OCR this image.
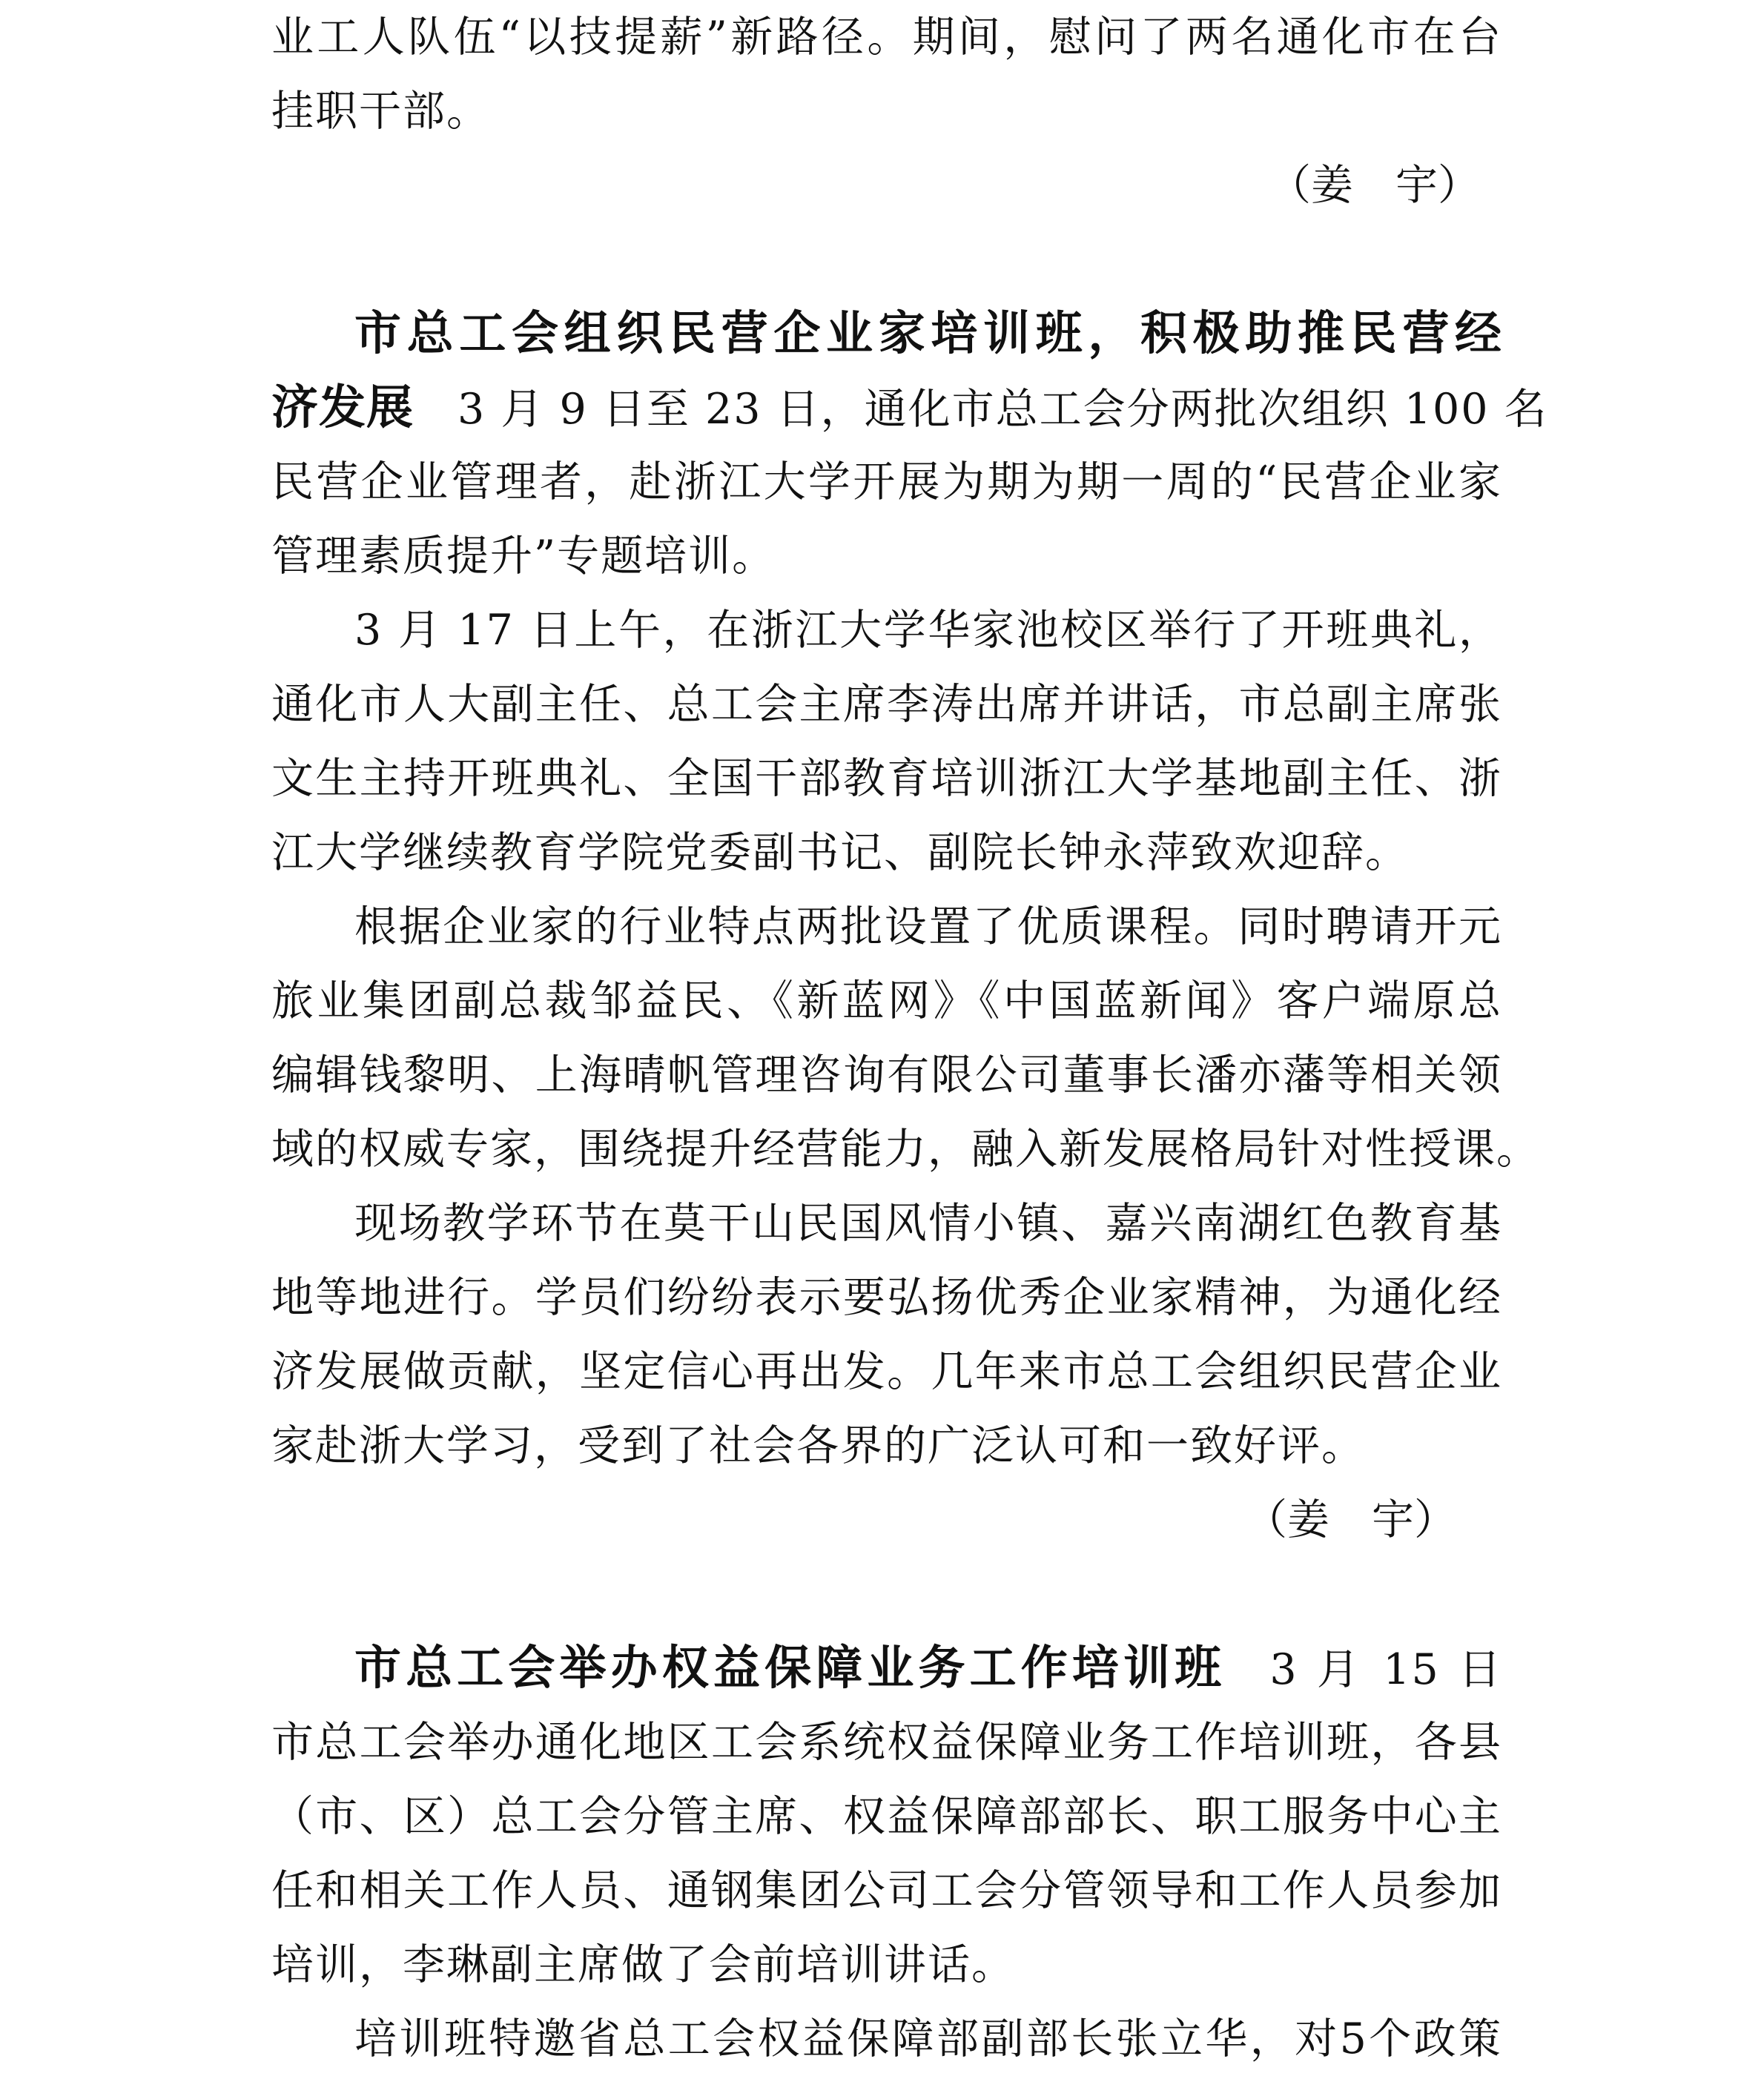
业工人队伍“以技提薪”新路径。期间，慰问了两名通化市在台
挂职干部。
（姜　宇）
市总工会组织民营企业家培训班，积极助推民营经
济发展  3 月 9 日至 23 日，通化市总工会分两批次组织 100 名
民营企业管理者，赴浙江大学开展为期为期一周的“民营企业家
管理素质提升”专题培训。
3 月 17 日上午，在浙江大学华家池校区举行了开班典礼，
通化市人大副主任、总工会主席李涛出席并讲话，市总副主席张
文生主持开班典礼、全国干部教育培训浙江大学基地副主任、浙
江大学继续教育学院党委副书记、副院长钟永萍致欢迎辞。
根据企业家的行业特点两批设置了优质课程。同时聘请开元
旅业集团副总裁邹益民、《新蓝网》《中国蓝新闻》客户端原总
编辑钱黎明、上海晴帆管理咨询有限公司董事长潘亦藩等相关领
域的权威专家，围绕提升经营能力，融入新发展格局针对性授课。
现场教学环节在莫干山民国风情小镇、嘉兴南湖红色教育基
地等地进行。学员们纷纷表示要弘扬优秀企业家精神，为通化经
济发展做贡献，坚定信心再出发。几年来市总工会组织民营企业
家赴浙大学习，受到了社会各界的广泛认可和一致好评。
（姜　宇）
市总工会举办权益保障业务工作培训班  3 月 15 日
市总工会举办通化地区工会系统权益保障业务工作培训班，各县
（市、区）总工会分管主席、权益保障部部长、职工服务中心主
任和相关工作人员、通钢集团公司工会分管领导和工作人员参加
培训，李琳副主席做了会前培训讲话。
培训班特邀省总工会权益保障部副部长张立华，对5个政策
